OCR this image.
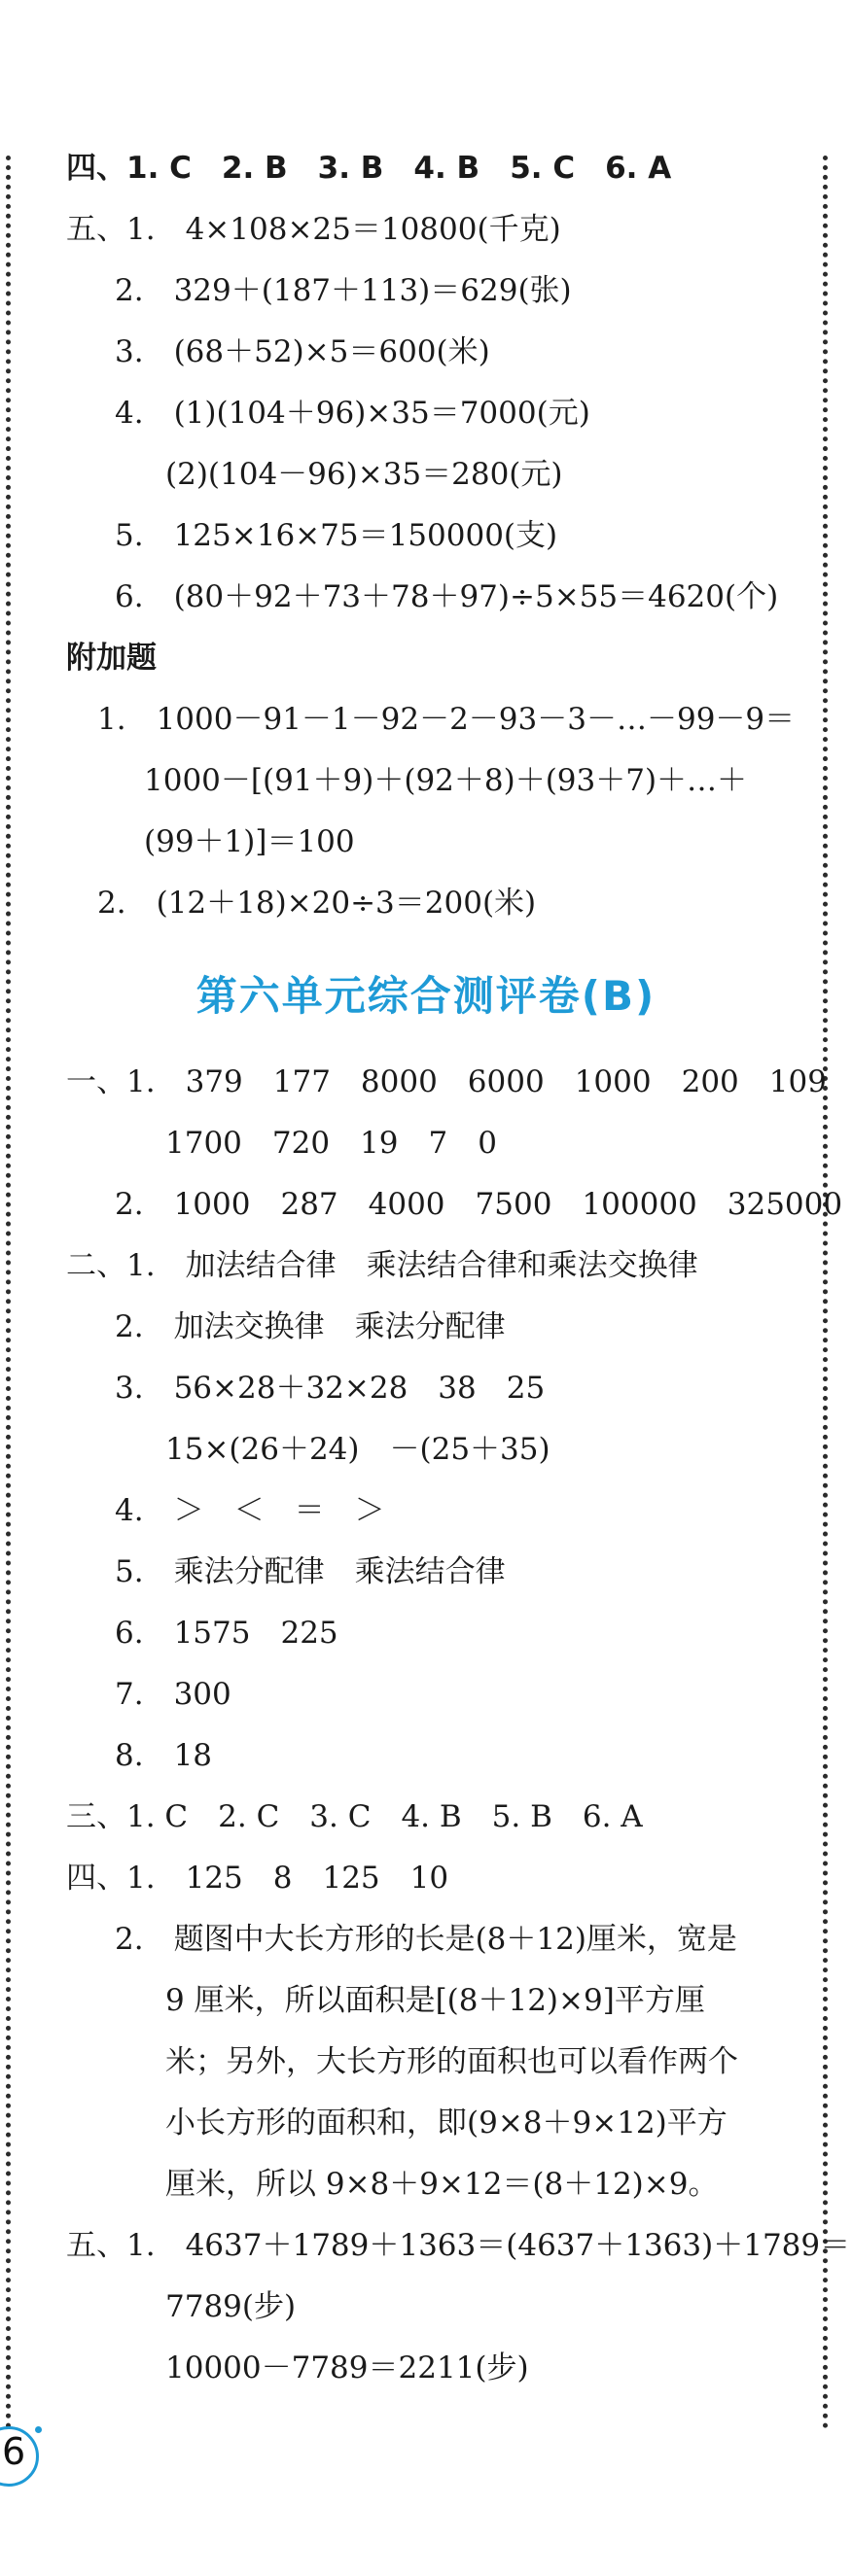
四、1. C　2. B　3. B　4. B　5. C　6. A
五、1.　4×108×25＝10800(千克)
2.　329＋(187＋113)＝629(张)
3.　(68＋52)×5＝600(米)
4.　(1)(104＋96)×35＝7000(元)
(2)(104－96)×35＝280(元)
5.　125×16×75＝150000(支)
6.　(80＋92＋73＋78＋97)÷5×55＝4620(个)
附加题
1.　1000－91－1－92－2－93－3－…－99－9＝
1000－[(91＋9)＋(92＋8)＋(93＋7)＋…＋
(99＋1)]＝100
2.　(12＋18)×20÷3＝200(米)
第六单元综合测评卷(B)
一、1.　379　177　8000　6000　1000　200　109
1700　720　19　7　0
2.　1000　287　4000　7500　100000　325000
二、1.　加法结合律　乘法结合律和乘法交换律
2.　加法交换律　乘法分配律
3.　56×28＋32×28　38　25
15×(26＋24)　－(25＋35)
4.　＞　＜　＝　＞
5.　乘法分配律　乘法结合律
6.　1575　225
7.　300
8.　18
三、1. C　2. C　3. C　4. B　5. B　6. A
四、1.　125　8　125　10
2.　题图中大长方形的长是(8＋12)厘米，宽是
9 厘米，所以面积是[(8＋12)×9]平方厘
米；另外，大长方形的面积也可以看作两个
小长方形的面积和，即(9×8＋9×12)平方
厘米，所以 9×8＋9×12＝(8＋12)×9。
五、1.　4637＋1789＋1363＝(4637＋1363)＋1789＝
7789(步)
10000－7789＝2211(步)
6
